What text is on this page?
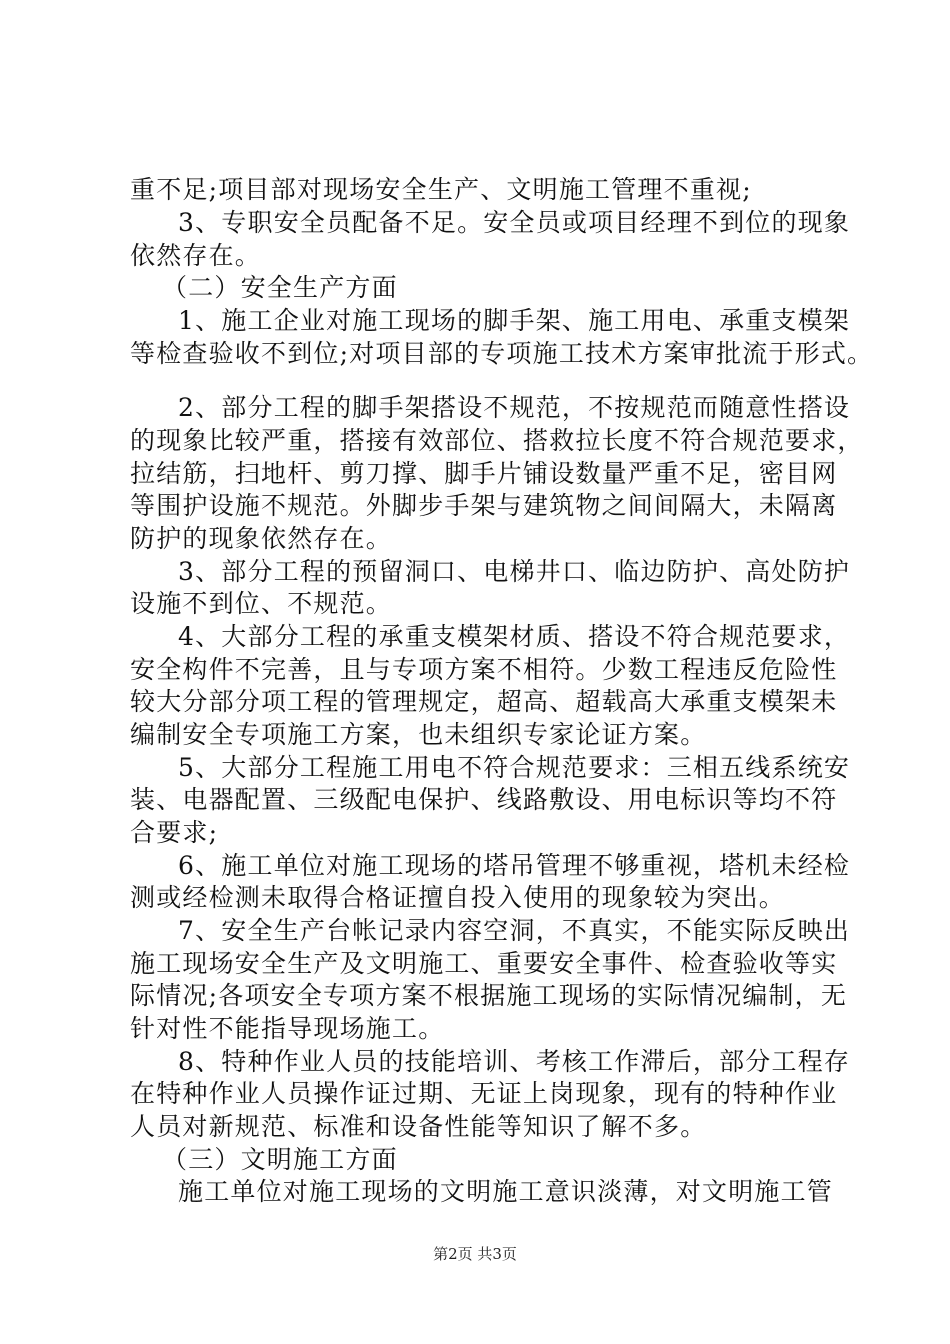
重不足;项目部对现场安全生产、文明施工管理不重视;
3、专职安全员配备不足。安全员或项目经理不到位的现象
依然存在。
（二）安全生产方面
1、施工企业对施工现场的脚手架、施工用电、承重支模架
等检查验收不到位;对项目部的专项施工技术方案审批流于形式。
2、部分工程的脚手架搭设不规范，不按规范而随意性搭设
的现象比较严重，搭接有效部位、搭救拉长度不符合规范要求，
拉结筋，扫地杆、剪刀撑、脚手片铺设数量严重不足，密目网
等围护设施不规范。外脚步手架与建筑物之间间隔大，未隔离
防护的现象依然存在。
3、部分工程的预留洞口、电梯井口、临边防护、高处防护
设施不到位、不规范。
4、大部分工程的承重支模架材质、搭设不符合规范要求，
安全构件不完善，且与专项方案不相符。少数工程违反危险性
较大分部分项工程的管理规定，超高、超载高大承重支模架未
编制安全专项施工方案，也未组织专家论证方案。
5、大部分工程施工用电不符合规范要求：三相五线系统安
装、电器配置、三级配电保护、线路敷设、用电标识等均不符
合要求;
6、施工单位对施工现场的塔吊管理不够重视，塔机未经检
测或经检测未取得合格证擅自投入使用的现象较为突出。
7、安全生产台帐记录内容空洞，不真实，不能实际反映出
施工现场安全生产及文明施工、重要安全事件、检查验收等实
际情况;各项安全专项方案不根据施工现场的实际情况编制，无
针对性不能指导现场施工。
8、特种作业人员的技能培训、考核工作滞后，部分工程存
在特种作业人员操作证过期、无证上岗现象，现有的特种作业
人员对新规范、标准和设备性能等知识了解不多。
（三）文明施工方面
施工单位对施工现场的文明施工意识淡薄，对文明施工管
第2页 共3页
